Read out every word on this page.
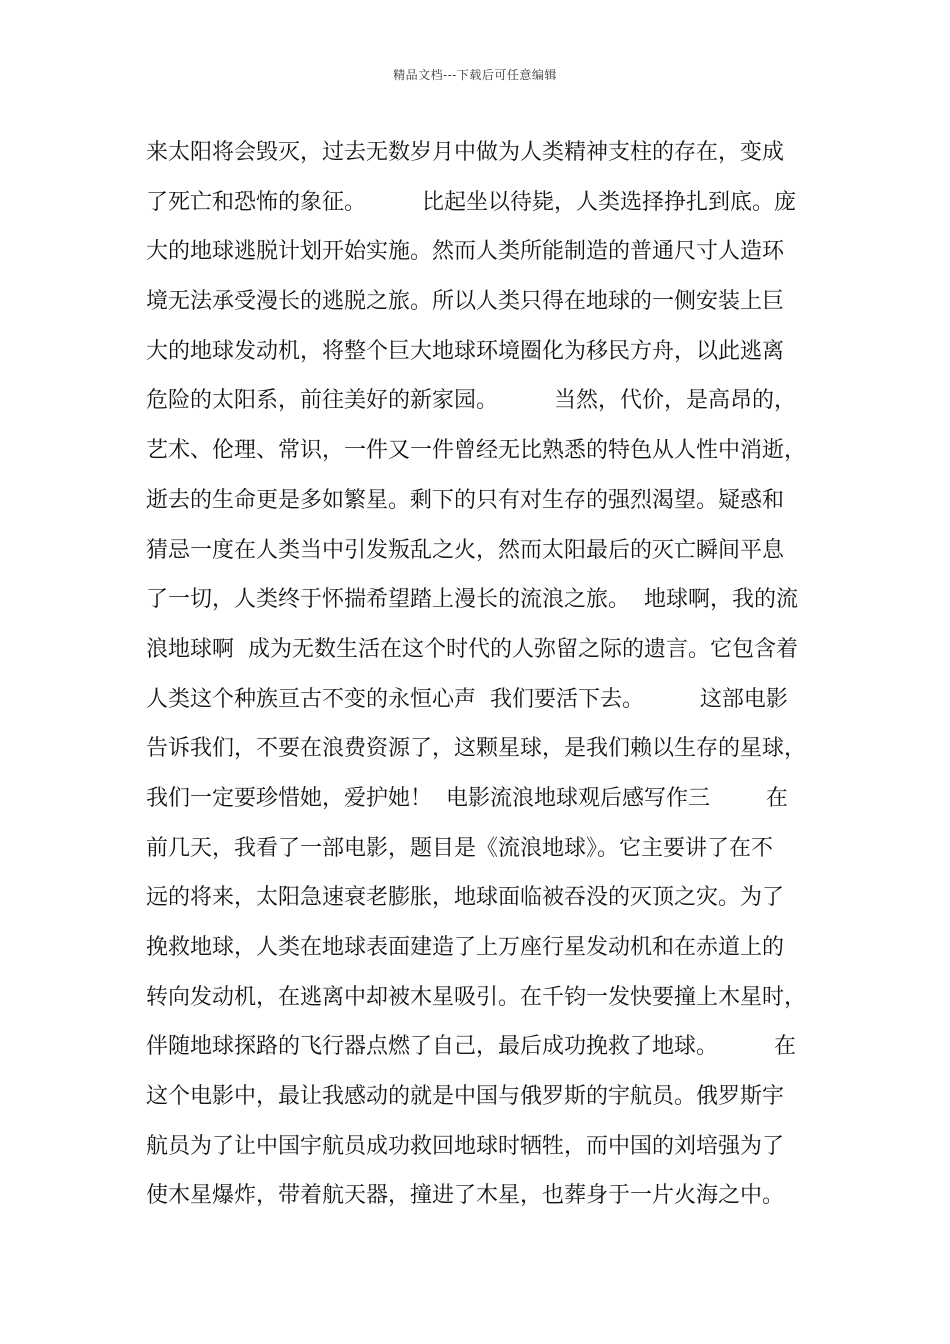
精品文档---下载后可任意编辑
来太阳将会毁灭，过去无数岁月中做为人类精神支柱的存在，变成
了死亡和恐怖的象征。        比起坐以待毙，人类选择挣扎到底。庞
大的地球逃脱计划开始实施。然而人类所能制造的普通尺寸人造环
境无法承受漫长的逃脱之旅。所以人类只得在地球的一侧安装上巨
大的地球发动机，将整个巨大地球环境圈化为移民方舟，以此逃离
危险的太阳系，前往美好的新家园。        当然，代价，是高昂的，
艺术、伦理、常识，一件又一件曾经无比熟悉的特色从人性中消逝，
逝去的生命更是多如繁星。剩下的只有对生存的强烈渴望。疑惑和
猜忌一度在人类当中引发叛乱之火，然而太阳最后的灭亡瞬间平息
了一切，人类终于怀揣希望踏上漫长的流浪之旅。  地球啊，我的流
浪地球啊  成为无数生活在这个时代的人弥留之际的遗言。它包含着
人类这个种族亘古不变的永恒心声  我们要活下去。        这部电影
告诉我们，不要在浪费资源了，这颗星球，是我们赖以生存的星球，
我们一定要珍惜她，爱护她！  电影流浪地球观后感写作三        在
前几天，我看了一部电影，题目是《流浪地球》。它主要讲了在不
远的将来，太阳急速衰老膨胀，地球面临被吞没的灭顶之灾。为了
挽救地球，人类在地球表面建造了上万座行星发动机和在赤道上的
转向发动机，在逃离中却被木星吸引。在千钧一发快要撞上木星时，
伴随地球探路的飞行器点燃了自己，最后成功挽救了地球。        在
这个电影中，最让我感动的就是中国与俄罗斯的宇航员。俄罗斯宇
航员为了让中国宇航员成功救回地球时牺牲，而中国的刘培强为了
使木星爆炸，带着航天器，撞进了木星，也葬身于一片火海之中。
